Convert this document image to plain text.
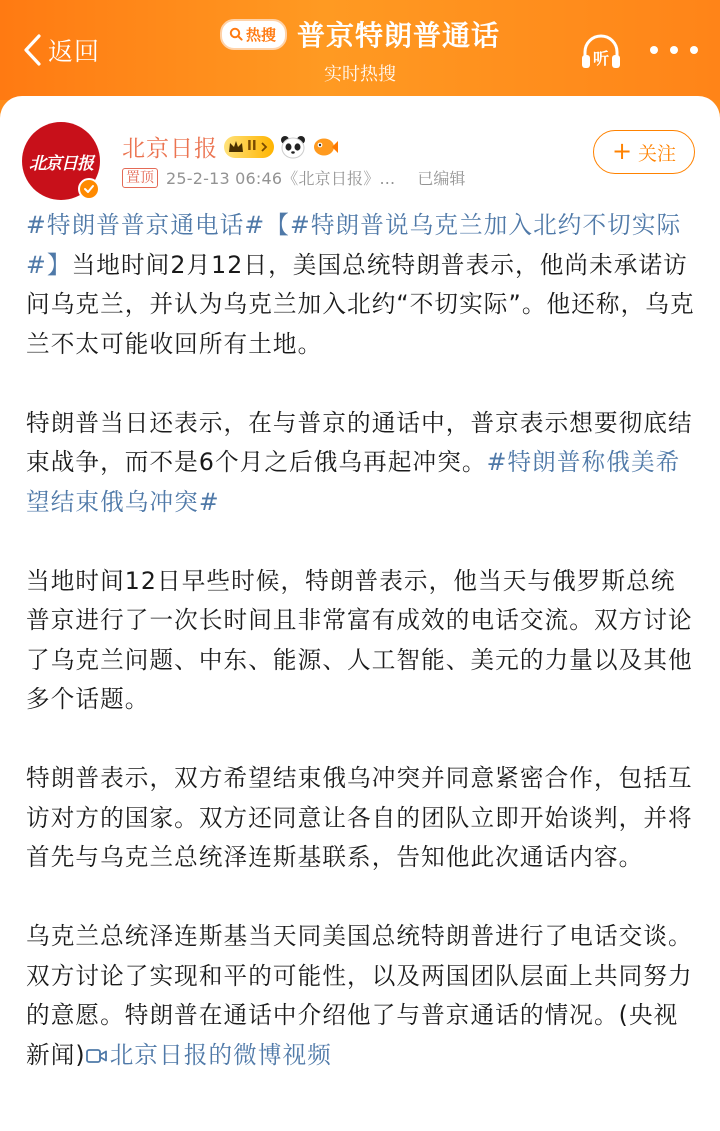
返回
热搜 普京特朗普通话
实时热搜
听
北京日报
北京日报 II
置顶 25-2-13 06:46《北京日报》... 已编辑
+ 关注

#特朗普普京通电话#【#特朗普说乌克兰加入北约不切实际#】当地时间2月12日，美国总统特朗普表示，他尚未承诺访问乌克兰，并认为乌克兰加入北约“不切实际”。他还称，乌克兰不太可能收回所有土地。

特朗普当日还表示，在与普京的通话中，普京表示想要彻底结束战争，而不是6个月之后俄乌再起冲突。#特朗普称俄美希望结束俄乌冲突#

当地时间12日早些时候，特朗普表示，他当天与俄罗斯总统普京进行了一次长时间且非常富有成效的电话交流。双方讨论了乌克兰问题、中东、能源、人工智能、美元的力量以及其他多个话题。

特朗普表示，双方希望结束俄乌冲突并同意紧密合作，包括互访对方的国家。双方还同意让各自的团队立即开始谈判，并将首先与乌克兰总统泽连斯基联系，告知他此次通话内容。

乌克兰总统泽连斯基当天同美国总统特朗普进行了电话交谈。双方讨论了实现和平的可能性，以及两国团队层面上共同努力的意愿。特朗普在通话中介绍他了与普京通话的情况。(央视新闻) 北京日报的微博视频
